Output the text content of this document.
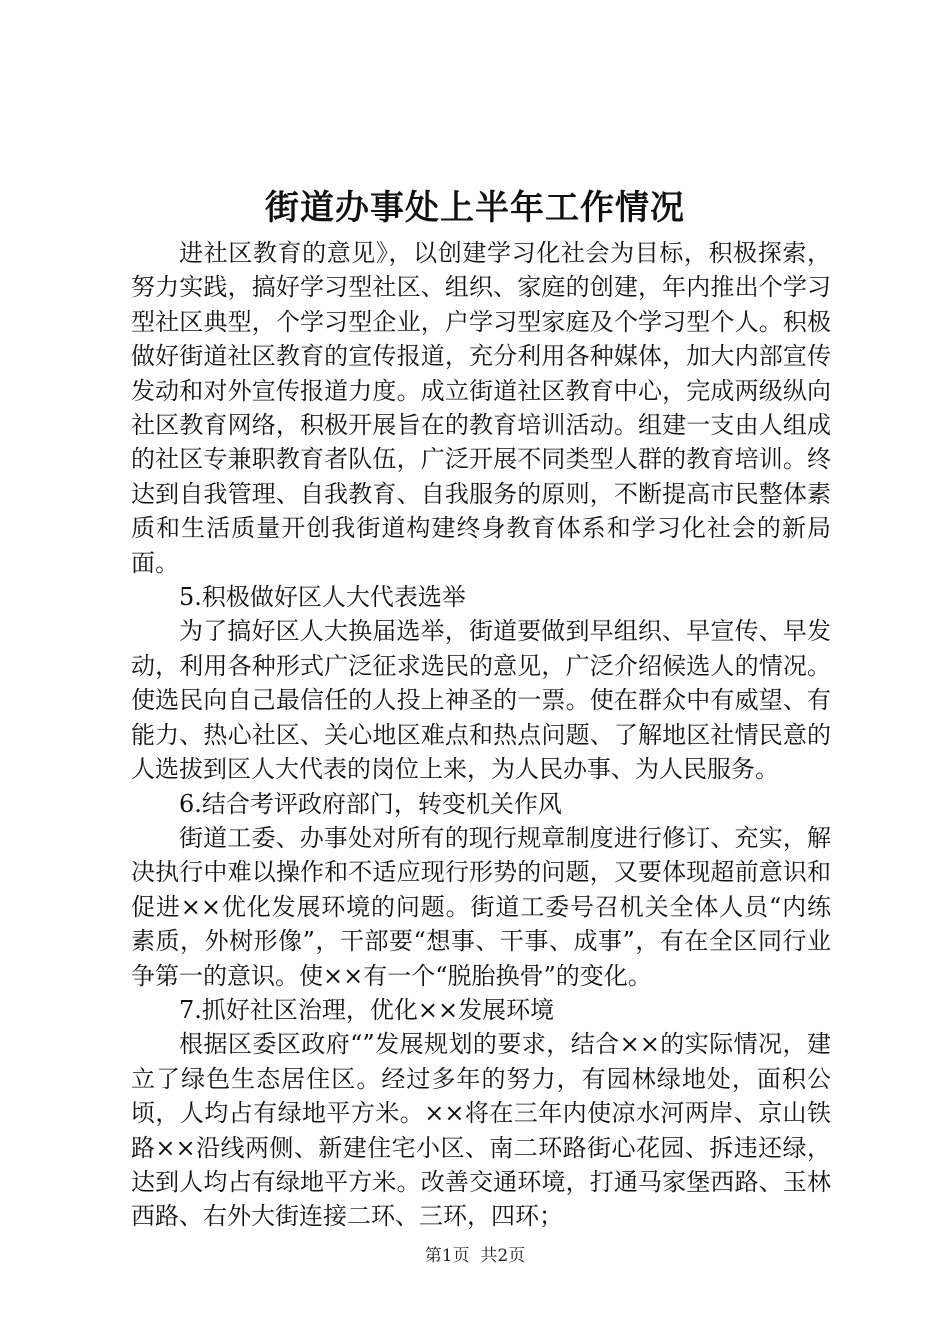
街道办事处上半年工作情况

进社区教育的意见》，以创建学习化社会为目标，积极探索，努力实践，搞好学习型社区、组织、家庭的创建，年内推出个学习型社区典型，个学习型企业，户学习型家庭及个学习型个人。积极做好街道社区教育的宣传报道，充分利用各种媒体，加大内部宣传发动和对外宣传报道力度。成立街道社区教育中心，完成两级纵向社区教育网络，积极开展旨在的教育培训活动。组建一支由人组成的社区专兼职教育者队伍，广泛开展不同类型人群的教育培训。终达到自我管理、自我教育、自我服务的原则，不断提高市民整体素质和生活质量开创我街道构建终身教育体系和学习化社会的新局面。

5.积极做好区人大代表选举

为了搞好区人大换届选举，街道要做到早组织、早宣传、早发动，利用各种形式广泛征求选民的意见，广泛介绍候选人的情况。使选民向自己最信任的人投上神圣的一票。使在群众中有威望、有能力、热心社区、关心地区难点和热点问题、了解地区社情民意的人选拔到区人大代表的岗位上来，为人民办事、为人民服务。

6.结合考评政府部门，转变机关作风

街道工委、办事处对所有的现行规章制度进行修订、充实，解决执行中难以操作和不适应现行形势的问题，又要体现超前意识和促进××优化发展环境的问题。街道工委号召机关全体人员“内练素质，外树形像”，干部要“想事、干事、成事”，有在全区同行业争第一的意识。使××有一个“脱胎换骨”的变化。

7.抓好社区治理，优化××发展环境

根据区委区政府“”发展规划的要求，结合××的实际情况，建立了绿色生态居住区。经过多年的努力，有园林绿地处，面积公顷，人均占有绿地平方米。××将在三年内使凉水河两岸、京山铁路××沿线两侧、新建住宅小区、南二环路街心花园、拆违还绿，达到人均占有绿地平方米。改善交通环境，打通马家堡西路、玉林西路、右外大街连接二环、三环，四环；

第1页 共2页
